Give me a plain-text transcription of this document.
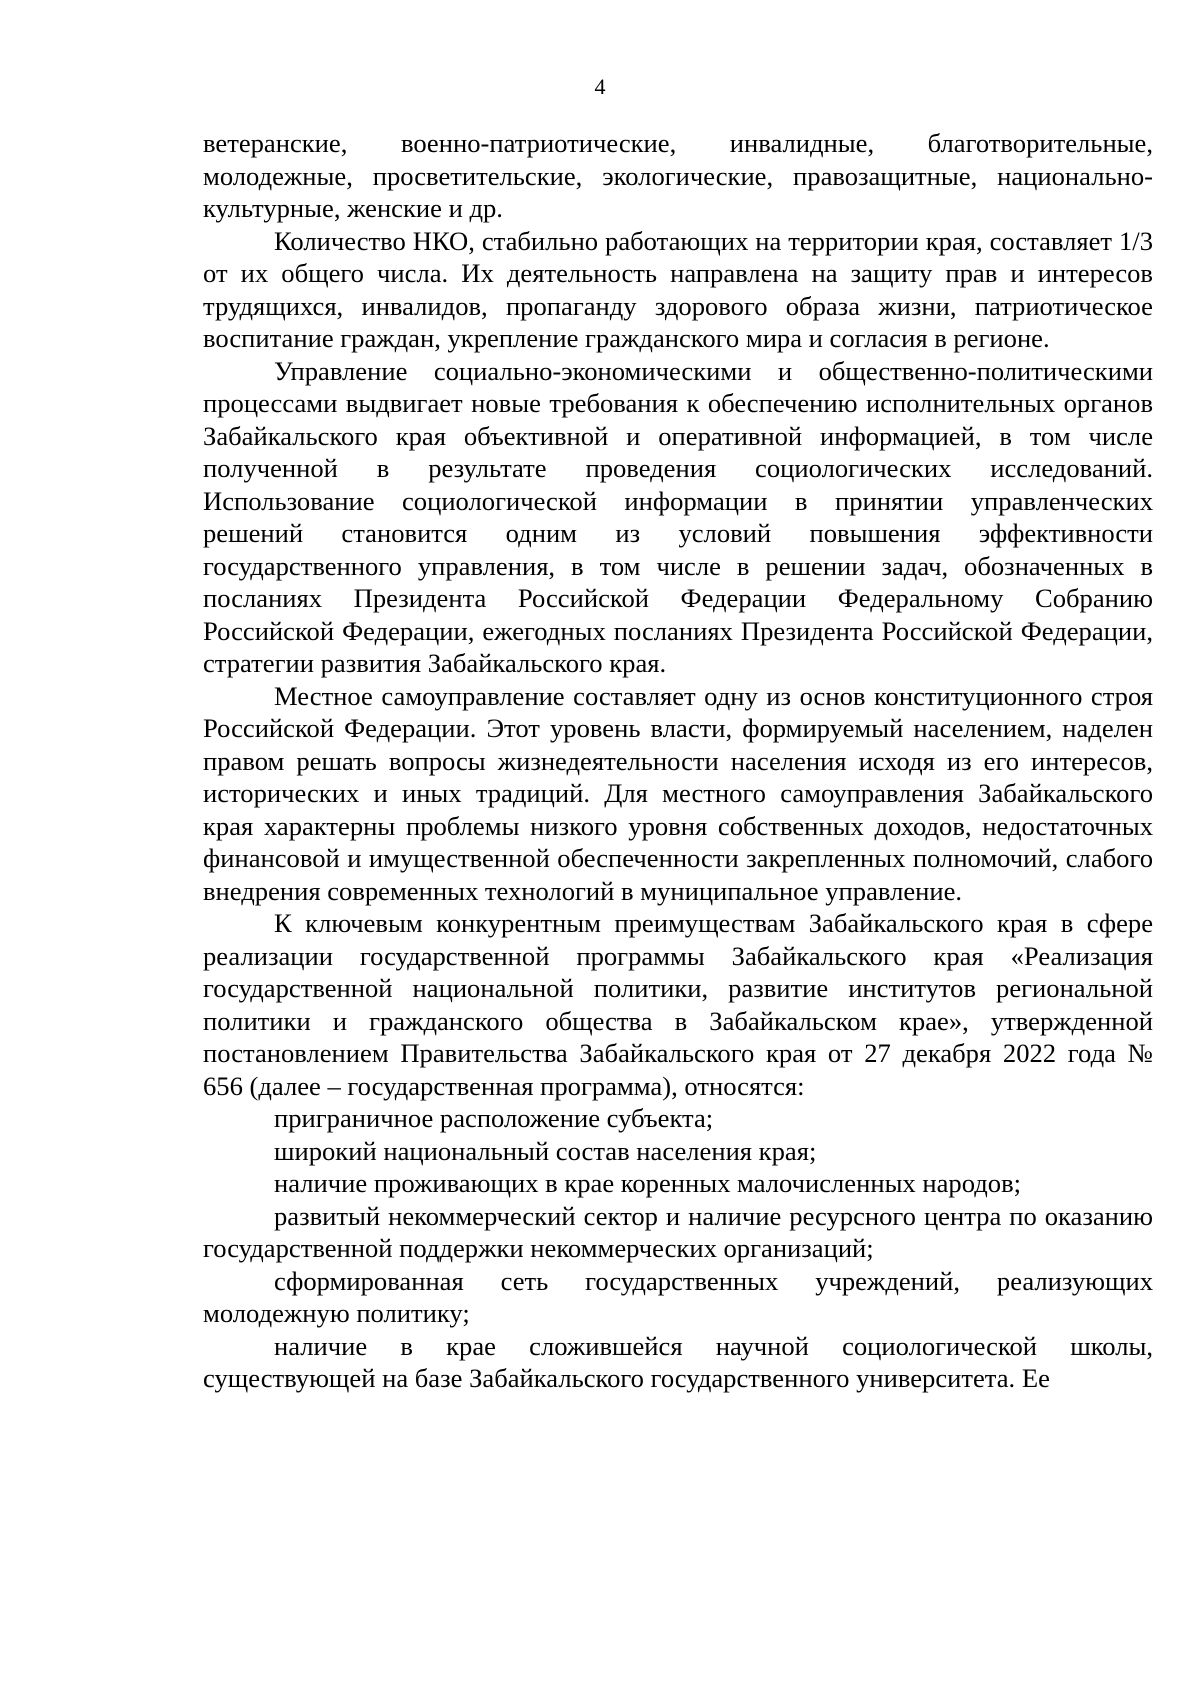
4

ветеранские, военно-патриотические, инвалидные, благотворительные, молодежные, просветительские, экологические, правозащитные, национально-культурные, женские и др.

Количество НКО, стабильно работающих на территории края, составляет 1/3 от их общего числа. Их деятельность направлена на защиту прав и интересов трудящихся, инвалидов, пропаганду здорового образа жизни, патриотическое воспитание граждан, укрепление гражданского мира и согласия в регионе.

Управление социально-экономическими и общественно-политическими процессами выдвигает новые требования к обеспечению исполнительных органов Забайкальского края объективной и оперативной информацией, в том числе полученной в результате проведения социологических исследований. Использование социологической информации в принятии управленческих решений становится одним из условий повышения эффективности государственного управления, в том числе в решении задач, обозначенных в посланиях Президента Российской Федерации Федеральному Собранию Российской Федерации, ежегодных посланиях Президента Российской Федерации, стратегии развития Забайкальского края.

Местное самоуправление составляет одну из основ конституционного строя Российской Федерации. Этот уровень власти, формируемый населением, наделен правом решать вопросы жизнедеятельности населения исходя из его интересов, исторических и иных традиций. Для местного самоуправления Забайкальского края характерны проблемы низкого уровня собственных доходов, недостаточных финансовой и имущественной обеспеченности закрепленных полномочий, слабого внедрения современных технологий в муниципальное управление.

К ключевым конкурентным преимуществам Забайкальского края в сфере реализации государственной программы Забайкальского края «Реализация государственной национальной политики, развитие институтов региональной политики и гражданского общества в Забайкальском крае», утвержденной постановлением Правительства Забайкальского края от 27 декабря 2022 года № 656 (далее – государственная программа), относятся:

приграничное расположение субъекта;

широкий национальный состав населения края;

наличие проживающих в крае коренных малочисленных народов;

развитый некоммерческий сектор и наличие ресурсного центра по оказанию государственной поддержки некоммерческих организаций;

сформированная сеть государственных учреждений, реализующих молодежную политику;

наличие в крае сложившейся научной социологической школы, существующей на базе Забайкальского государственного университета. Ее
